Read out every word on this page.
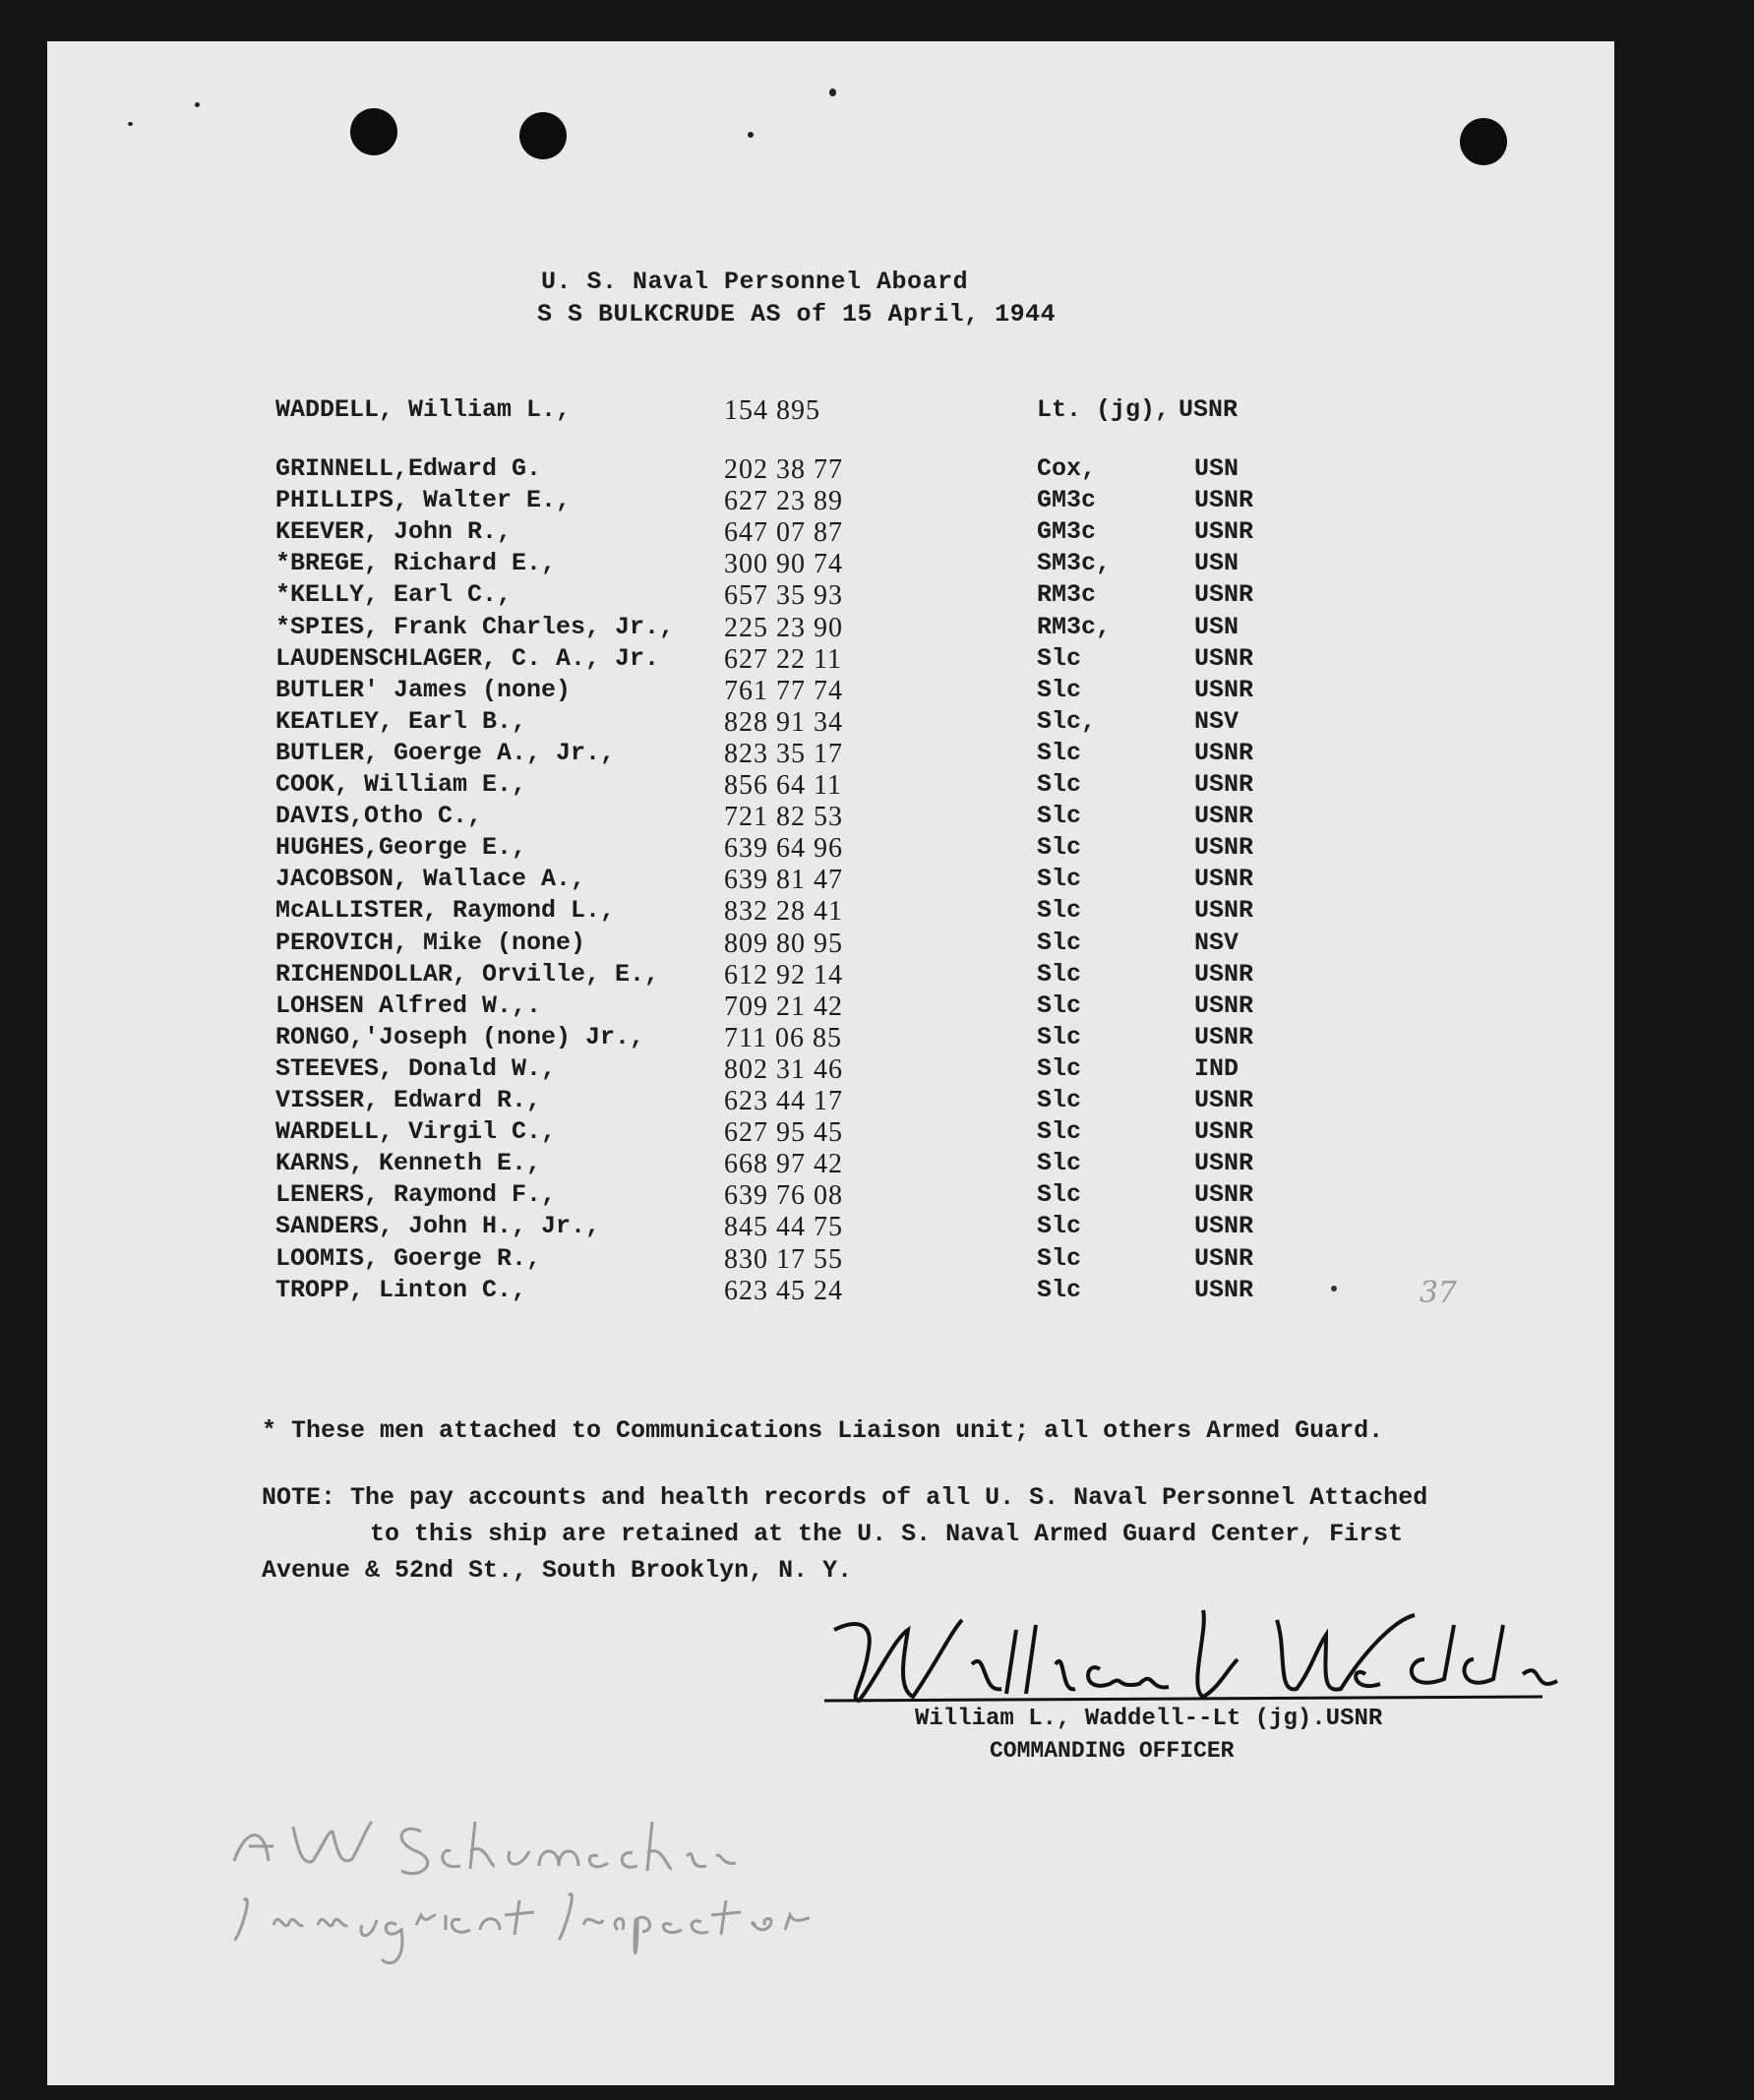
U. S. Naval Personnel Aboard
S S BULKCRUDE AS of 15 April, 1944
WADDELL, William L.,	154 895	Lt. (jg), USNR
GRINNELL,Edward G.	202 38 77	Cox,	USN
PHILLIPS, Walter E.,	627 23 89	GM3c	USNR
KEEVER, John R.,	647 07 87	GM3c	USNR
*BREGE, Richard E.,	300 90 74	SM3c,	USN
*KELLY, Earl C.,	657 35 93	RM3c	USNR
*SPIES, Frank Charles, Jr., 225 23 90	RM3c,	USN
LAUDENSCHLAGER, C. A., Jr. 627 22 11	Slc	USNR
BUTLER' James (none)	761 77 74	Slc	USNR
KEATLEY, Earl B.,	828 91 34	Slc,	NSV
BUTLER, Goerge A., Jr.,	823 35 17	Slc	USNR
COOK, William E.,	856 64 11	Slc	USNR
DAVIS,Otho C.,	721 82 53	Slc	USNR
HUGHES,George E.,	639 64 96	Slc	USNR
JACOBSON, Wallace A.,	639 81 47	Slc	USNR
McALLISTER, Raymond L.,	832 28 41	Slc	USNR
PEROVICH, Mike (none)	809 80 95	Slc	NSV
RICHENDOLLAR, Orville, E., 612 92 14	Slc	USNR
LOHSEN Alfred W.,.	709 21 42	Slc	USNR
RONGO,'Joseph (none) Jr.,	711 06 85	Slc	USNR
STEEVES, Donald W.,	802 31 46	Slc	IND
VISSER, Edward R.,	623 44 17	Slc	USNR
WARDELL, Virgil C.,	627 95 45	Slc	USNR
KARNS, Kenneth E.,	668 97 42	Slc	USNR
LENERS, Raymond F.,	639 76 08	Slc	USNR
SANDERS, John H., Jr.,	845 44 75	Slc	USNR
LOOMIS, Goerge R.,	830 17 55	Slc	USNR
TROPP, Linton C.,	623 45 24	Slc	USNR
* These men attached to Communications Liaison unit; all others Armed Guard.
NOTE: The pay accounts and health records of all U. S. Naval Personnel Attached
to this ship are retained at the U. S. Naval Armed Guard Center, First
Avenue & 52nd St., South Brooklyn, N. Y.
William L., Waddell--Lt (jg).USNR
COMMANDING OFFICER
37
